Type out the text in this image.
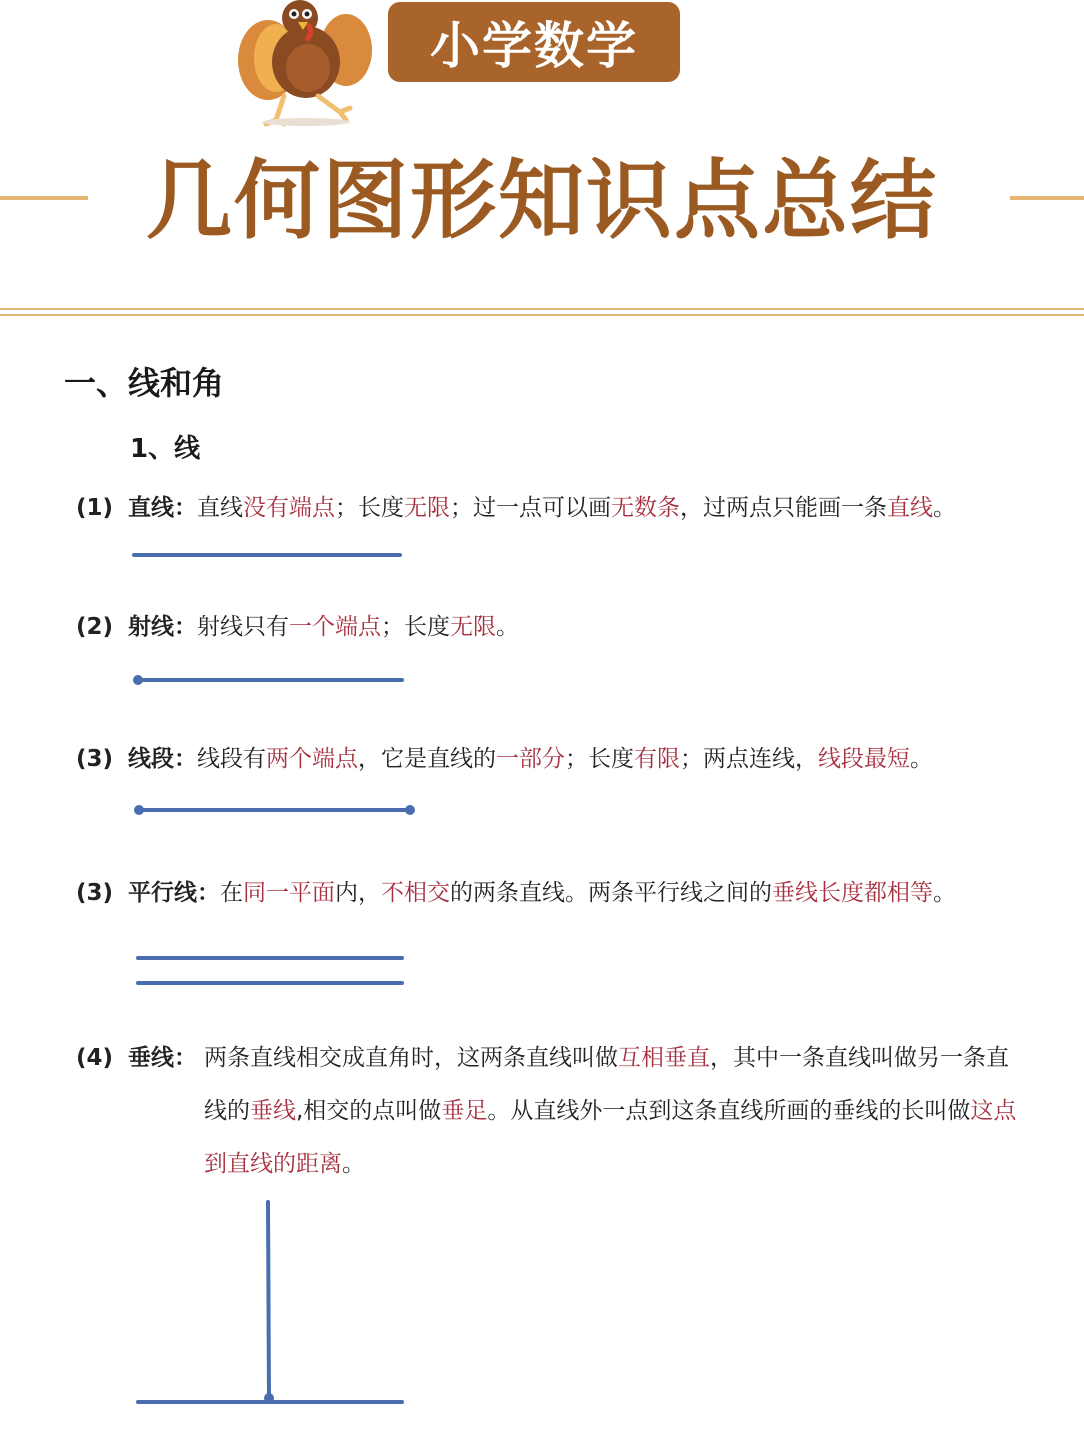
小学数学
几何图形知识点总结
一、线和角
1、线
(1) 直线：直线没有端点；长度无限；过一点可以画无数条，过两点只能画一条直线。
(2) 射线：射线只有一个端点；长度无限。
(3) 线段：线段有两个端点，它是直线的一部分；长度有限；两点连线，线段最短。
(3) 平行线：在同一平面内，不相交的两条直线。两条平行线之间的垂线长度都相等。
(4) 垂线： 两条直线相交成直角时，这两条直线叫做互相垂直，其中一条直线叫做另一条直线的垂线,相交的点叫做垂足。从直线外一点到这条直线所画的垂线的长叫做这点到直线的距离。
